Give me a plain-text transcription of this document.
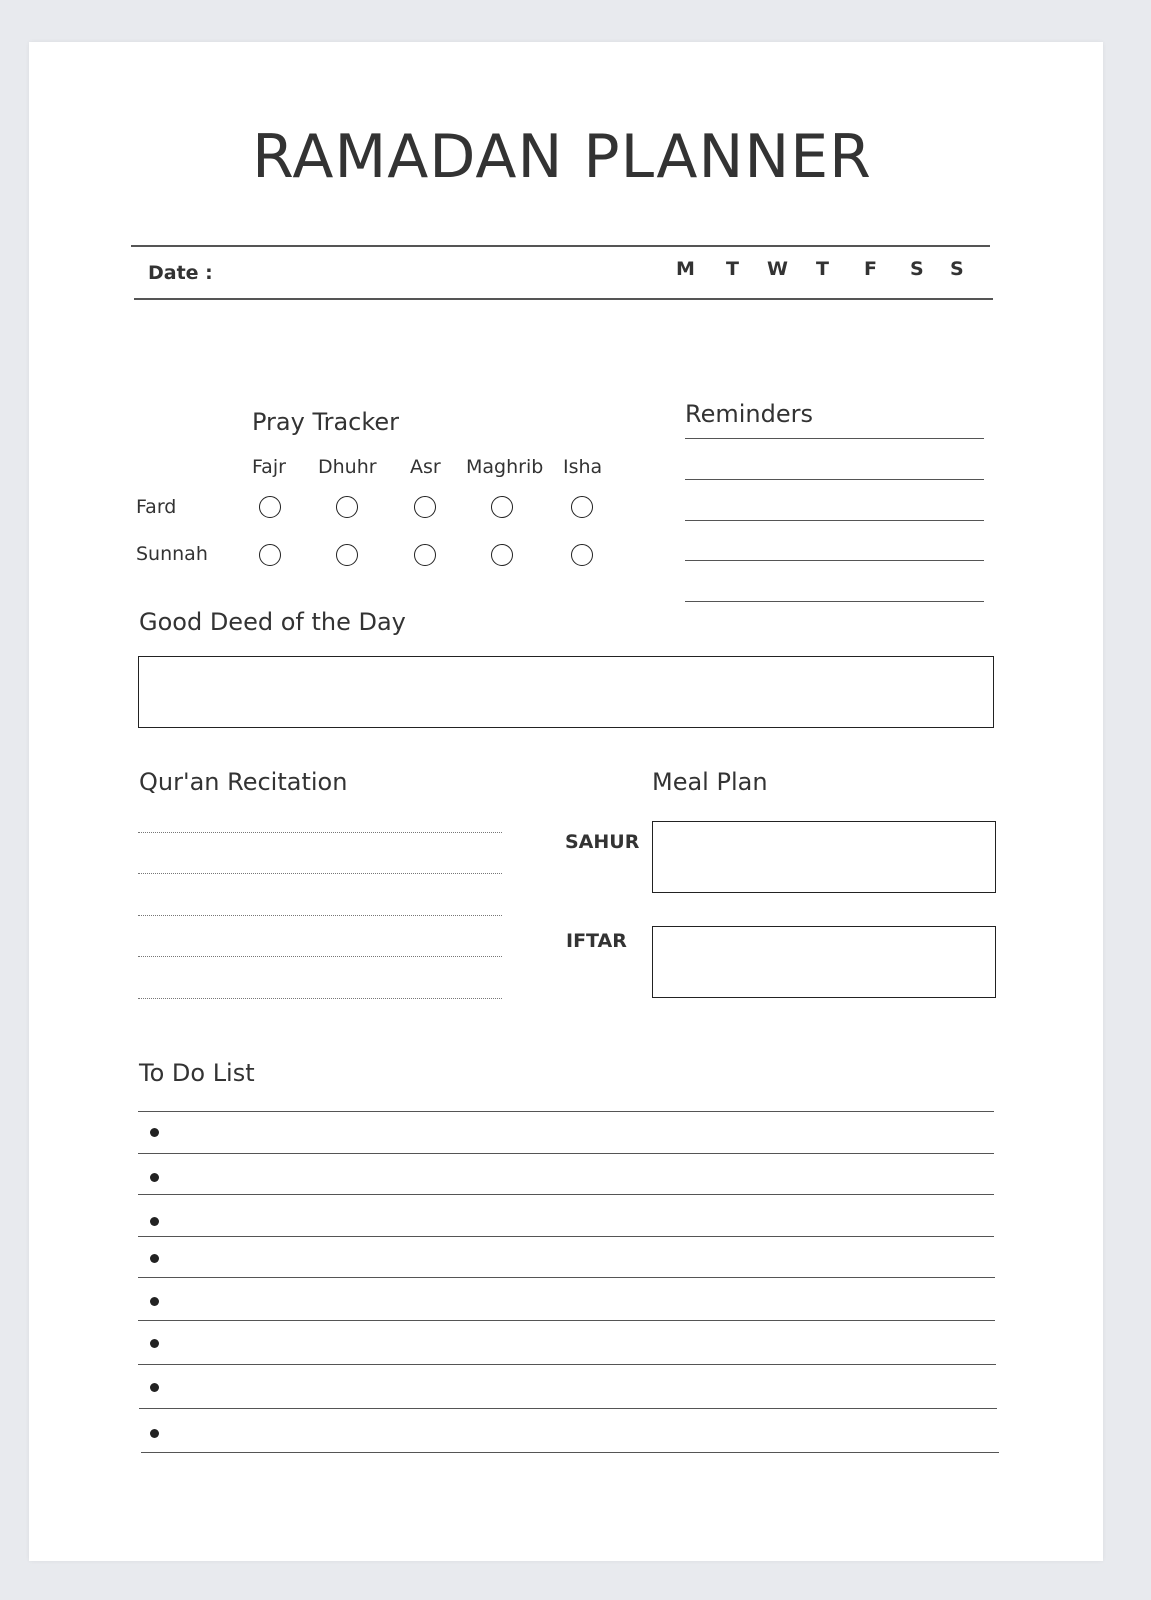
RAMADAN PLANNER
Date :	M T W T F S S
Pray Tracker
Fajr Dhuhr Asr Maghrib Isha
Fard
Sunnah
Reminders
Good Deed of the Day
Qur'an Recitation	Meal Plan
SAHUR
IFTAR
To Do List
